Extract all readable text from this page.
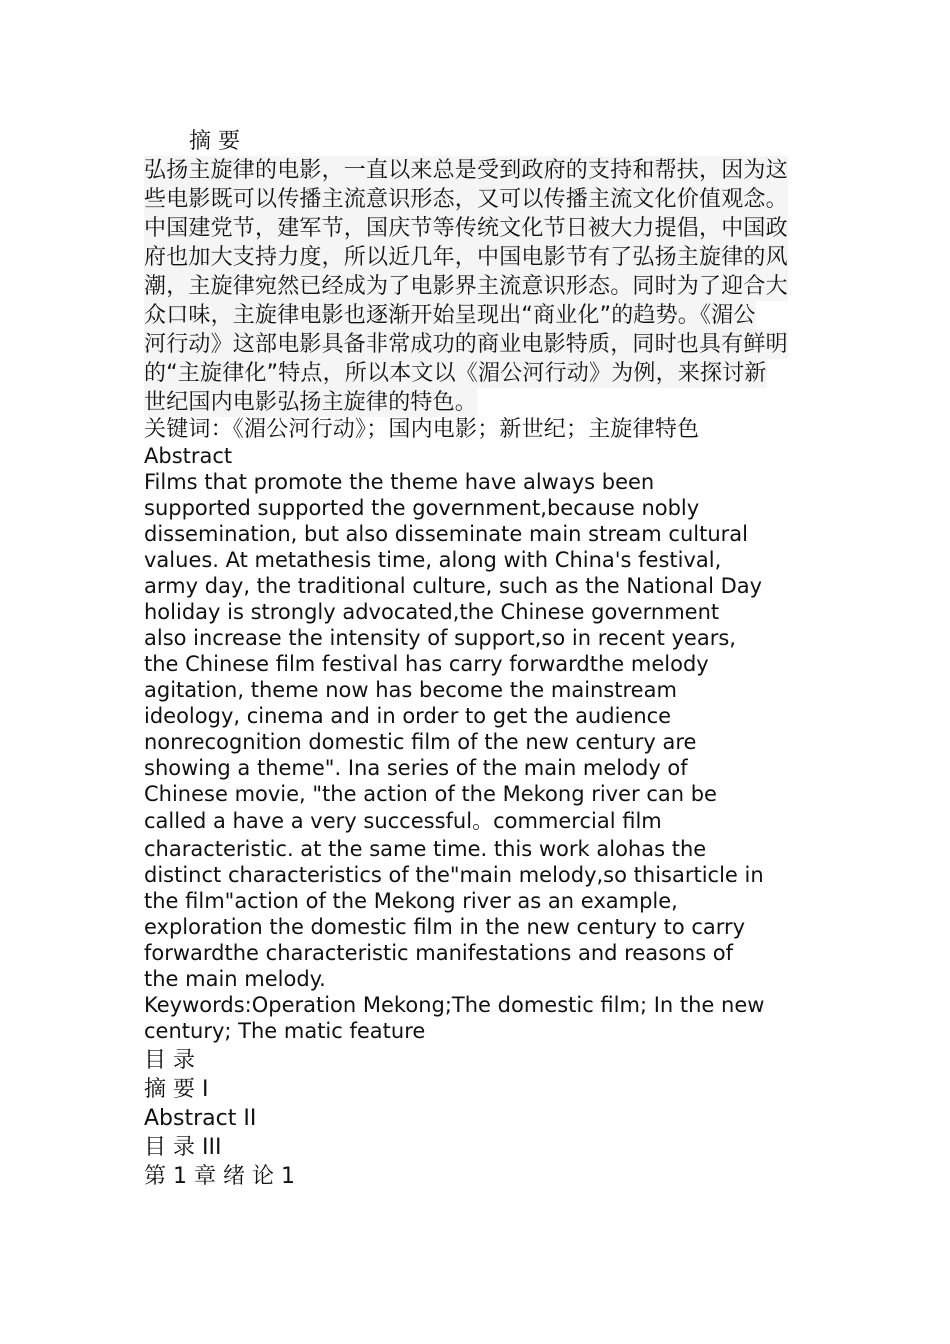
摘 要
弘扬主旋律的电影，一直以来总是受到政府的支持和帮扶，因为这
些电影既可以传播主流意识形态，又可以传播主流文化价值观念。
中国建党节，建军节，国庆节等传统文化节日被大力提倡，中国政
府也加大支持力度，所以近几年，中国电影节有了弘扬主旋律的风
潮，主旋律宛然已经成为了电影界主流意识形态。同时为了迎合大
众口味，主旋律电影也逐渐开始呈现出“商业化”的趋势。《湄公
河行动》这部电影具备非常成功的商业电影特质，同时也具有鲜明
的“主旋律化”特点，所以本文以《湄公河行动》为例，来探讨新
世纪国内电影弘扬主旋律的特色。
关键词：《湄公河行动》；国内电影；新世纪；主旋律特色
Abstract
Films that promote the theme have always been
supported supported the government,because nobly
dissemination, but also disseminate main stream cultural
values. At metathesis time, along with China's festival,
army day, the traditional culture, such as the National Day
holiday is strongly advocated,the Chinese government
also increase the intensity of support,so in recent years,
the Chinese film festival has carry forwardthe melody
agitation, theme now has become the mainstream
ideology, cinema and in order to get the audience
nonrecognition domestic film of the new century are
showing a theme". Ina series of the main melody of
Chinese movie, "the action of the Mekong river can be
called a have a very successful。commercial film
characteristic. at the same time. this work alohas the
distinct characteristics of the"main melody,so thisarticle in
the film"action of the Mekong river as an example,
exploration the domestic film in the new century to carry
forwardthe characteristic manifestations and reasons of
the main melody.
Keywords:Operation Mekong;The domestic film; In the new
century; The matic feature
目 录
摘 要 I
Abstract II
目 录 III
第 1 章 绪 论 1
